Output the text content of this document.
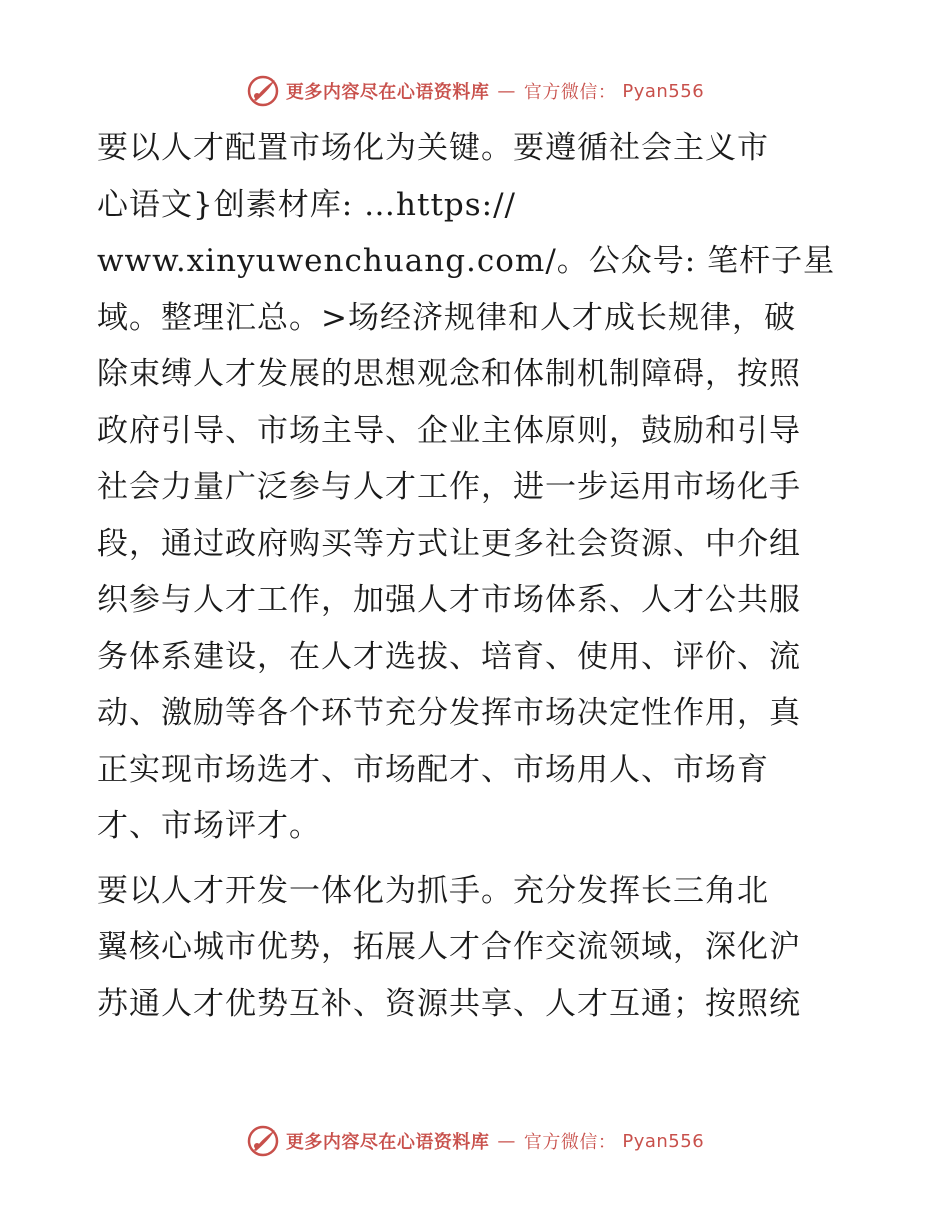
更多内容尽在心语资料库 — 官方微信： Pyan556
要以人才配置市场化为关键。要遵循社会主义市
心语文}创素材库: …https://
www.xinyuwenchuang.com/。公众号: 笔杆子星
域。整理汇总。>场经济规律和人才成长规律，破
除束缚人才发展的思想观念和体制机制障碍，按照
政府引导、市场主导、企业主体原则，鼓励和引导
社会力量广泛参与人才工作，进一步运用市场化手
段，通过政府购买等方式让更多社会资源、中介组
织参与人才工作，加强人才市场体系、人才公共服
务体系建设，在人才选拔、培育、使用、评价、流
动、激励等各个环节充分发挥市场决定性作用，真
正实现市场选才、市场配才、市场用人、市场育
才、市场评才。
要以人才开发一体化为抓手。充分发挥长三角北
翼核心城市优势，拓展人才合作交流领域，深化沪
苏通人才优势互补、资源共享、人才互通；按照统
更多内容尽在心语资料库 — 官方微信： Pyan556
